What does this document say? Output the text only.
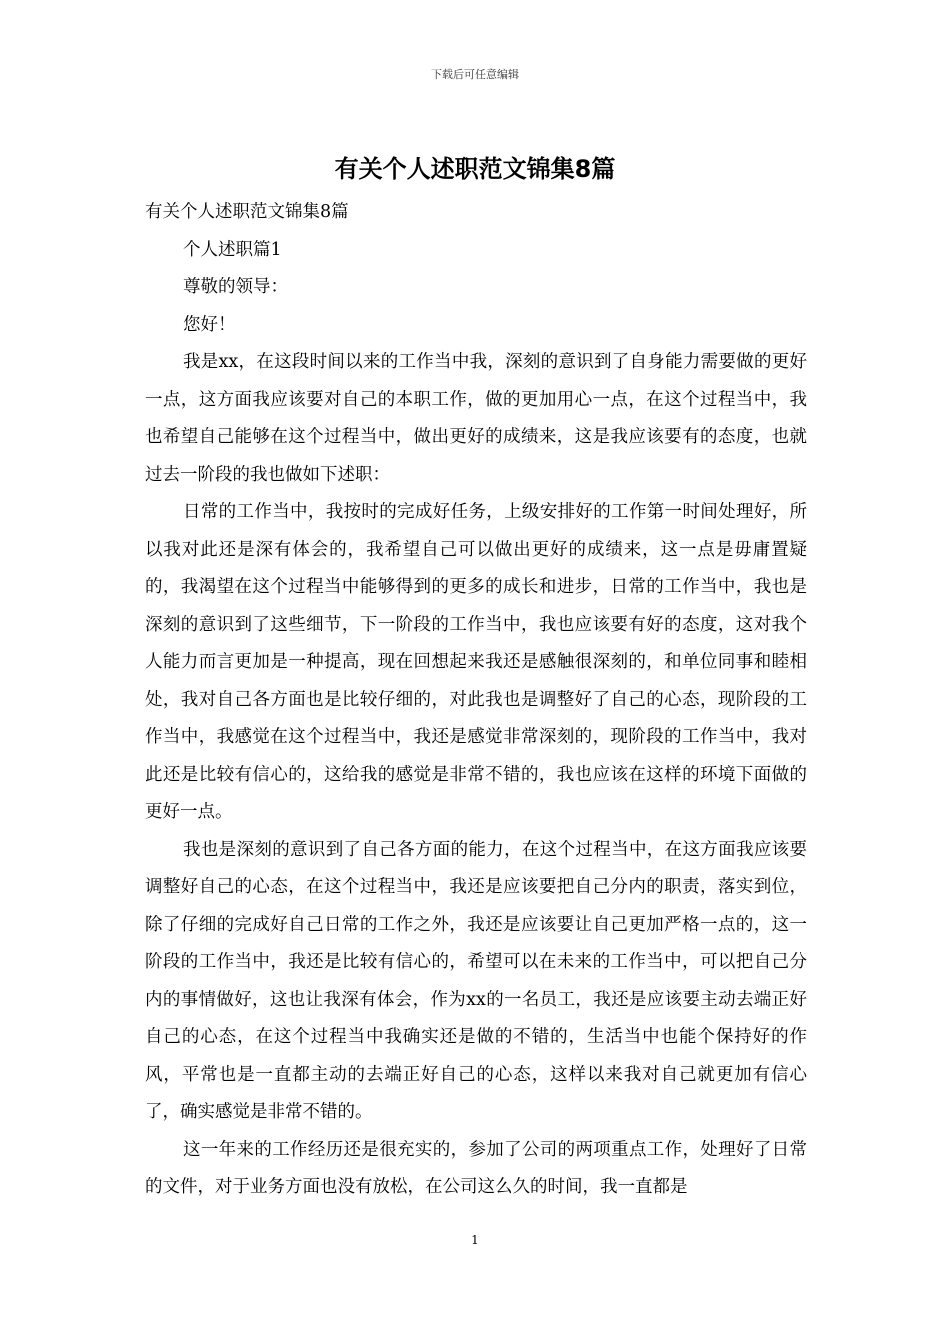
下载后可任意编辑
有关个人述职范文锦集8篇

有关个人述职范文锦集8篇

个人述职篇1

尊敬的领导：

您好！

我是xx，在这段时间以来的工作当中我，深刻的意识到了自身能力需要做的更好一点，这方面我应该要对自己的本职工作，做的更加用心一点，在这个过程当中，我也希望自己能够在这个过程当中，做出更好的成绩来，这是我应该要有的态度，也就过去一阶段的我也做如下述职：

日常的工作当中，我按时的完成好任务，上级安排好的工作第一时间处理好，所以我对此还是深有体会的，我希望自己可以做出更好的成绩来，这一点是毋庸置疑的，我渴望在这个过程当中能够得到的更多的成长和进步，日常的工作当中，我也是深刻的意识到了这些细节，下一阶段的工作当中，我也应该要有好的态度，这对我个人能力而言更加是一种提高，现在回想起来我还是感触很深刻的，和单位同事和睦相处，我对自己各方面也是比较仔细的，对此我也是调整好了自己的心态，现阶段的工作当中，我感觉在这个过程当中，我还是感觉非常深刻的，现阶段的工作当中，我对此还是比较有信心的，这给我的感觉是非常不错的，我也应该在这样的环境下面做的更好一点。

我也是深刻的意识到了自己各方面的能力，在这个过程当中，在这方面我应该要调整好自己的心态，在这个过程当中，我还是应该要把自己分内的职责，落实到位，除了仔细的完成好自己日常的工作之外，我还是应该要让自己更加严格一点的，这一阶段的工作当中，我还是比较有信心的，希望可以在未来的工作当中，可以把自己分内的事情做好，这也让我深有体会，作为xx的一名员工，我还是应该要主动去端正好自己的心态，在这个过程当中我确实还是做的不错的，生活当中也能个保持好的作风，平常也是一直都主动的去端正好自己的心态，这样以来我对自己就更加有信心了，确实感觉是非常不错的。

这一年来的工作经历还是很充实的，参加了公司的两项重点工作，处理好了日常的文件，对于业务方面也没有放松，在公司这么久的时间，我一直都是

1
